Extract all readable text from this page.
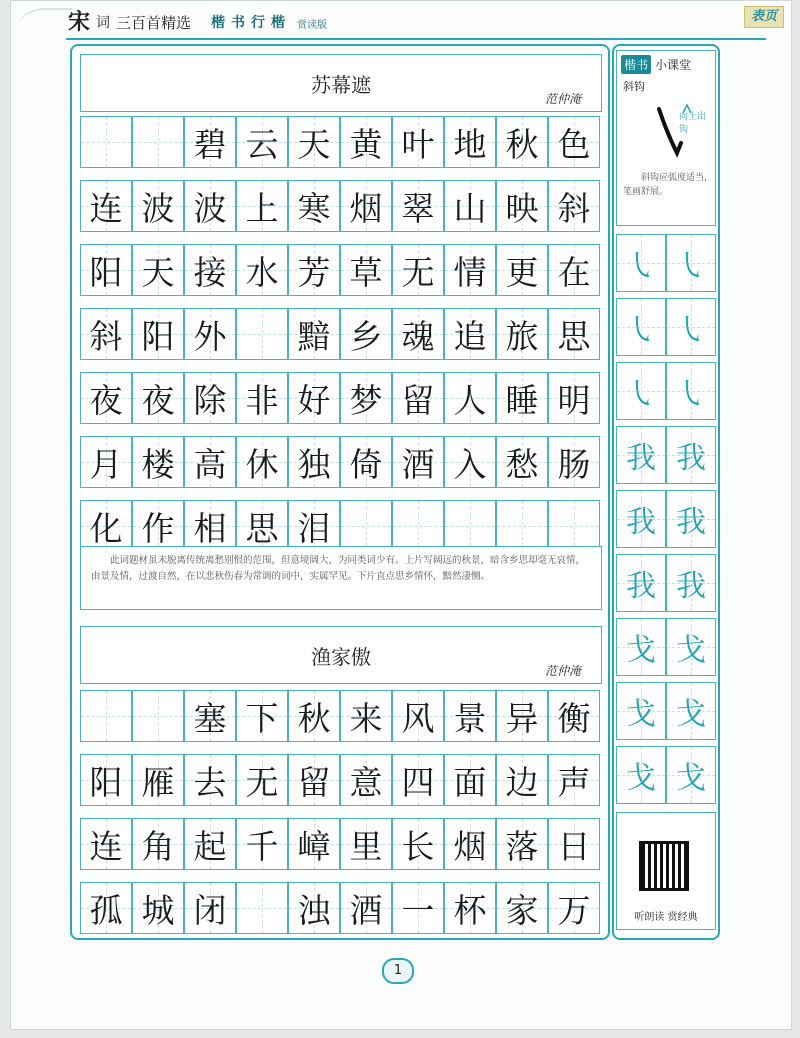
宋 词 三百首精选 楷书行楷 赏读版
表页
苏幕遮
范仲淹
碧 云 天 黄 叶 地 秋 色
连 波 波 上 寒 烟 翠 山 映 斜
阳 天 接 水 芳 草 无 情 更 在
斜 阳 外 黯 乡 魂 追 旅 思
夜 夜 除 非 好 梦 留 人 睡 明
月 楼 高 休 独 倚 酒 入 愁 肠
化 作 相 思 泪
此词题材虽未脱离传统离愁别恨的范围，但意境阔大，为同类词少有。上片写阔远的秋景，暗含乡思却毫无哀情，由景及情，过渡自然，在以悲秋伤春为常调的词中，实属罕见。下片直点思乡情怀，黯然凄恻。
渔家傲
范仲淹
塞 下 秋 来 风 景 异 衡
阳 雁 去 无 留 意 四 面 边 声
连 角 起 千 嶂 里 长 烟 落 日
孤 城 闭 浊 酒 一 杯 家 万
楷书 小课堂
斜钩
向上出钩
斜钩应弧度适当，笔画舒展。
㇂ ㇂
㇂ ㇂
㇂ ㇂
我 我
我 我
我 我
戈 戈
戈 戈
戈 戈
听朗读 赏经典
1
